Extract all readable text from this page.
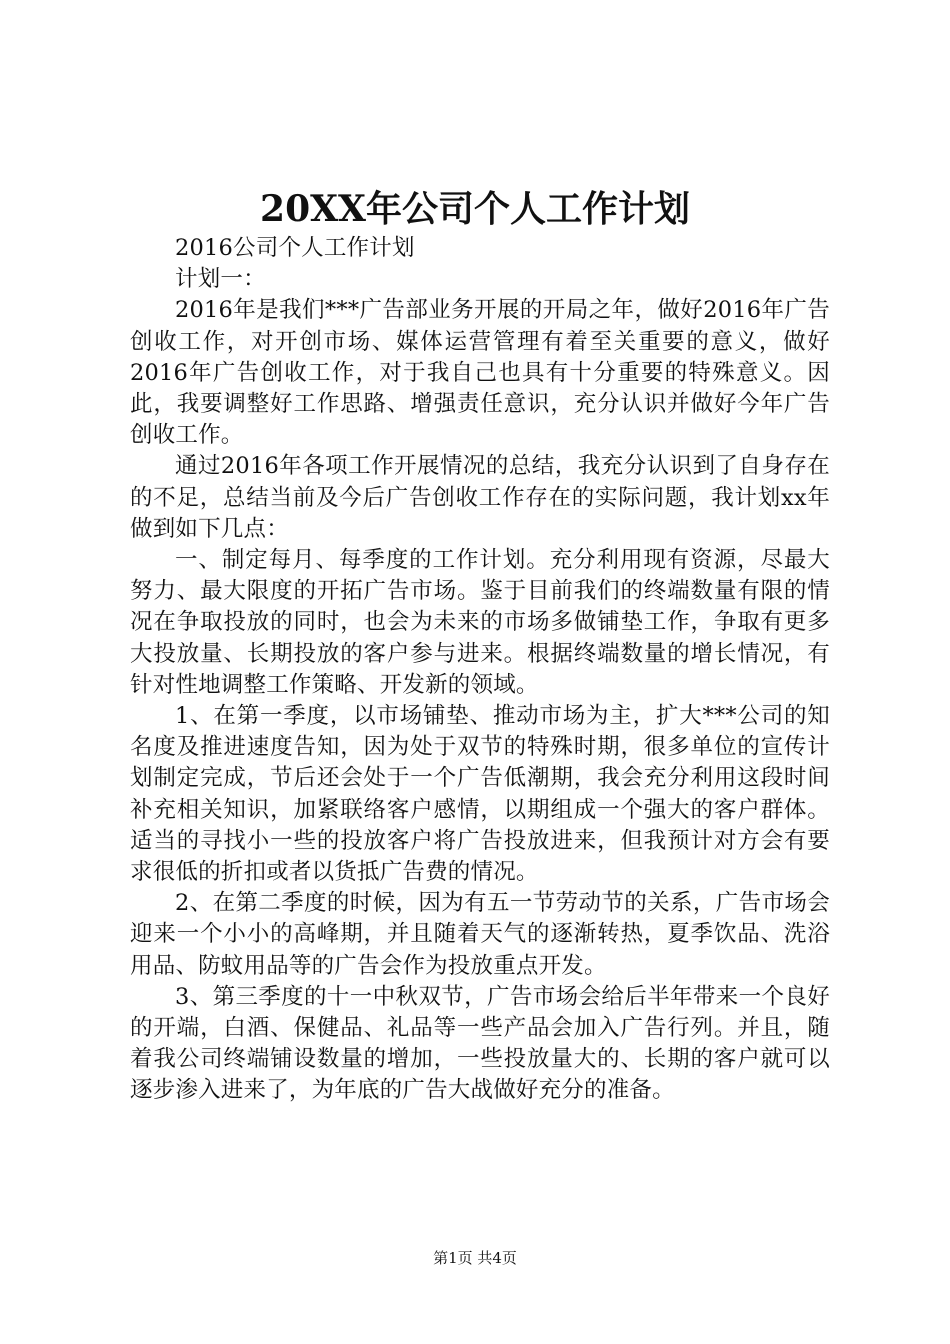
20XX年公司个人工作计划

2016公司个人工作计划

计划一：

2016年是我们***广告部业务开展的开局之年，做好2016年广告创收工作，对开创市场、媒体运营管理有着至关重要的意义，做好2016年广告创收工作，对于我自己也具有十分重要的特殊意义。因此，我要调整好工作思路、增强责任意识，充分认识并做好今年广告创收工作。

通过2016年各项工作开展情况的总结，我充分认识到了自身存在的不足，总结当前及今后广告创收工作存在的实际问题，我计划xx年做到如下几点：

一、制定每月、每季度的工作计划。充分利用现有资源，尽最大努力、最大限度的开拓广告市场。鉴于目前我们的终端数量有限的情况在争取投放的同时，也会为未来的市场多做铺垫工作，争取有更多大投放量、长期投放的客户参与进来。根据终端数量的增长情况，有针对性地调整工作策略、开发新的领域。

1、在第一季度，以市场铺垫、推动市场为主，扩大***公司的知名度及推进速度告知，因为处于双节的特殊时期，很多单位的宣传计划制定完成，节后还会处于一个广告低潮期，我会充分利用这段时间补充相关知识，加紧联络客户感情，以期组成一个强大的客户群体。适当的寻找小一些的投放客户将广告投放进来，但我预计对方会有要求很低的折扣或者以货抵广告费的情况。

2、在第二季度的时候，因为有五一节劳动节的关系，广告市场会迎来一个小小的高峰期，并且随着天气的逐渐转热，夏季饮品、洗浴用品、防蚊用品等的广告会作为投放重点开发。

3、第三季度的十一中秋双节，广告市场会给后半年带来一个良好的开端，白酒、保健品、礼品等一些产品会加入广告行列。并且，随着我公司终端铺设数量的增加，一些投放量大的、长期的客户就可以逐步渗入进来了，为年底的广告大战做好充分的准备。

第1页 共4页
